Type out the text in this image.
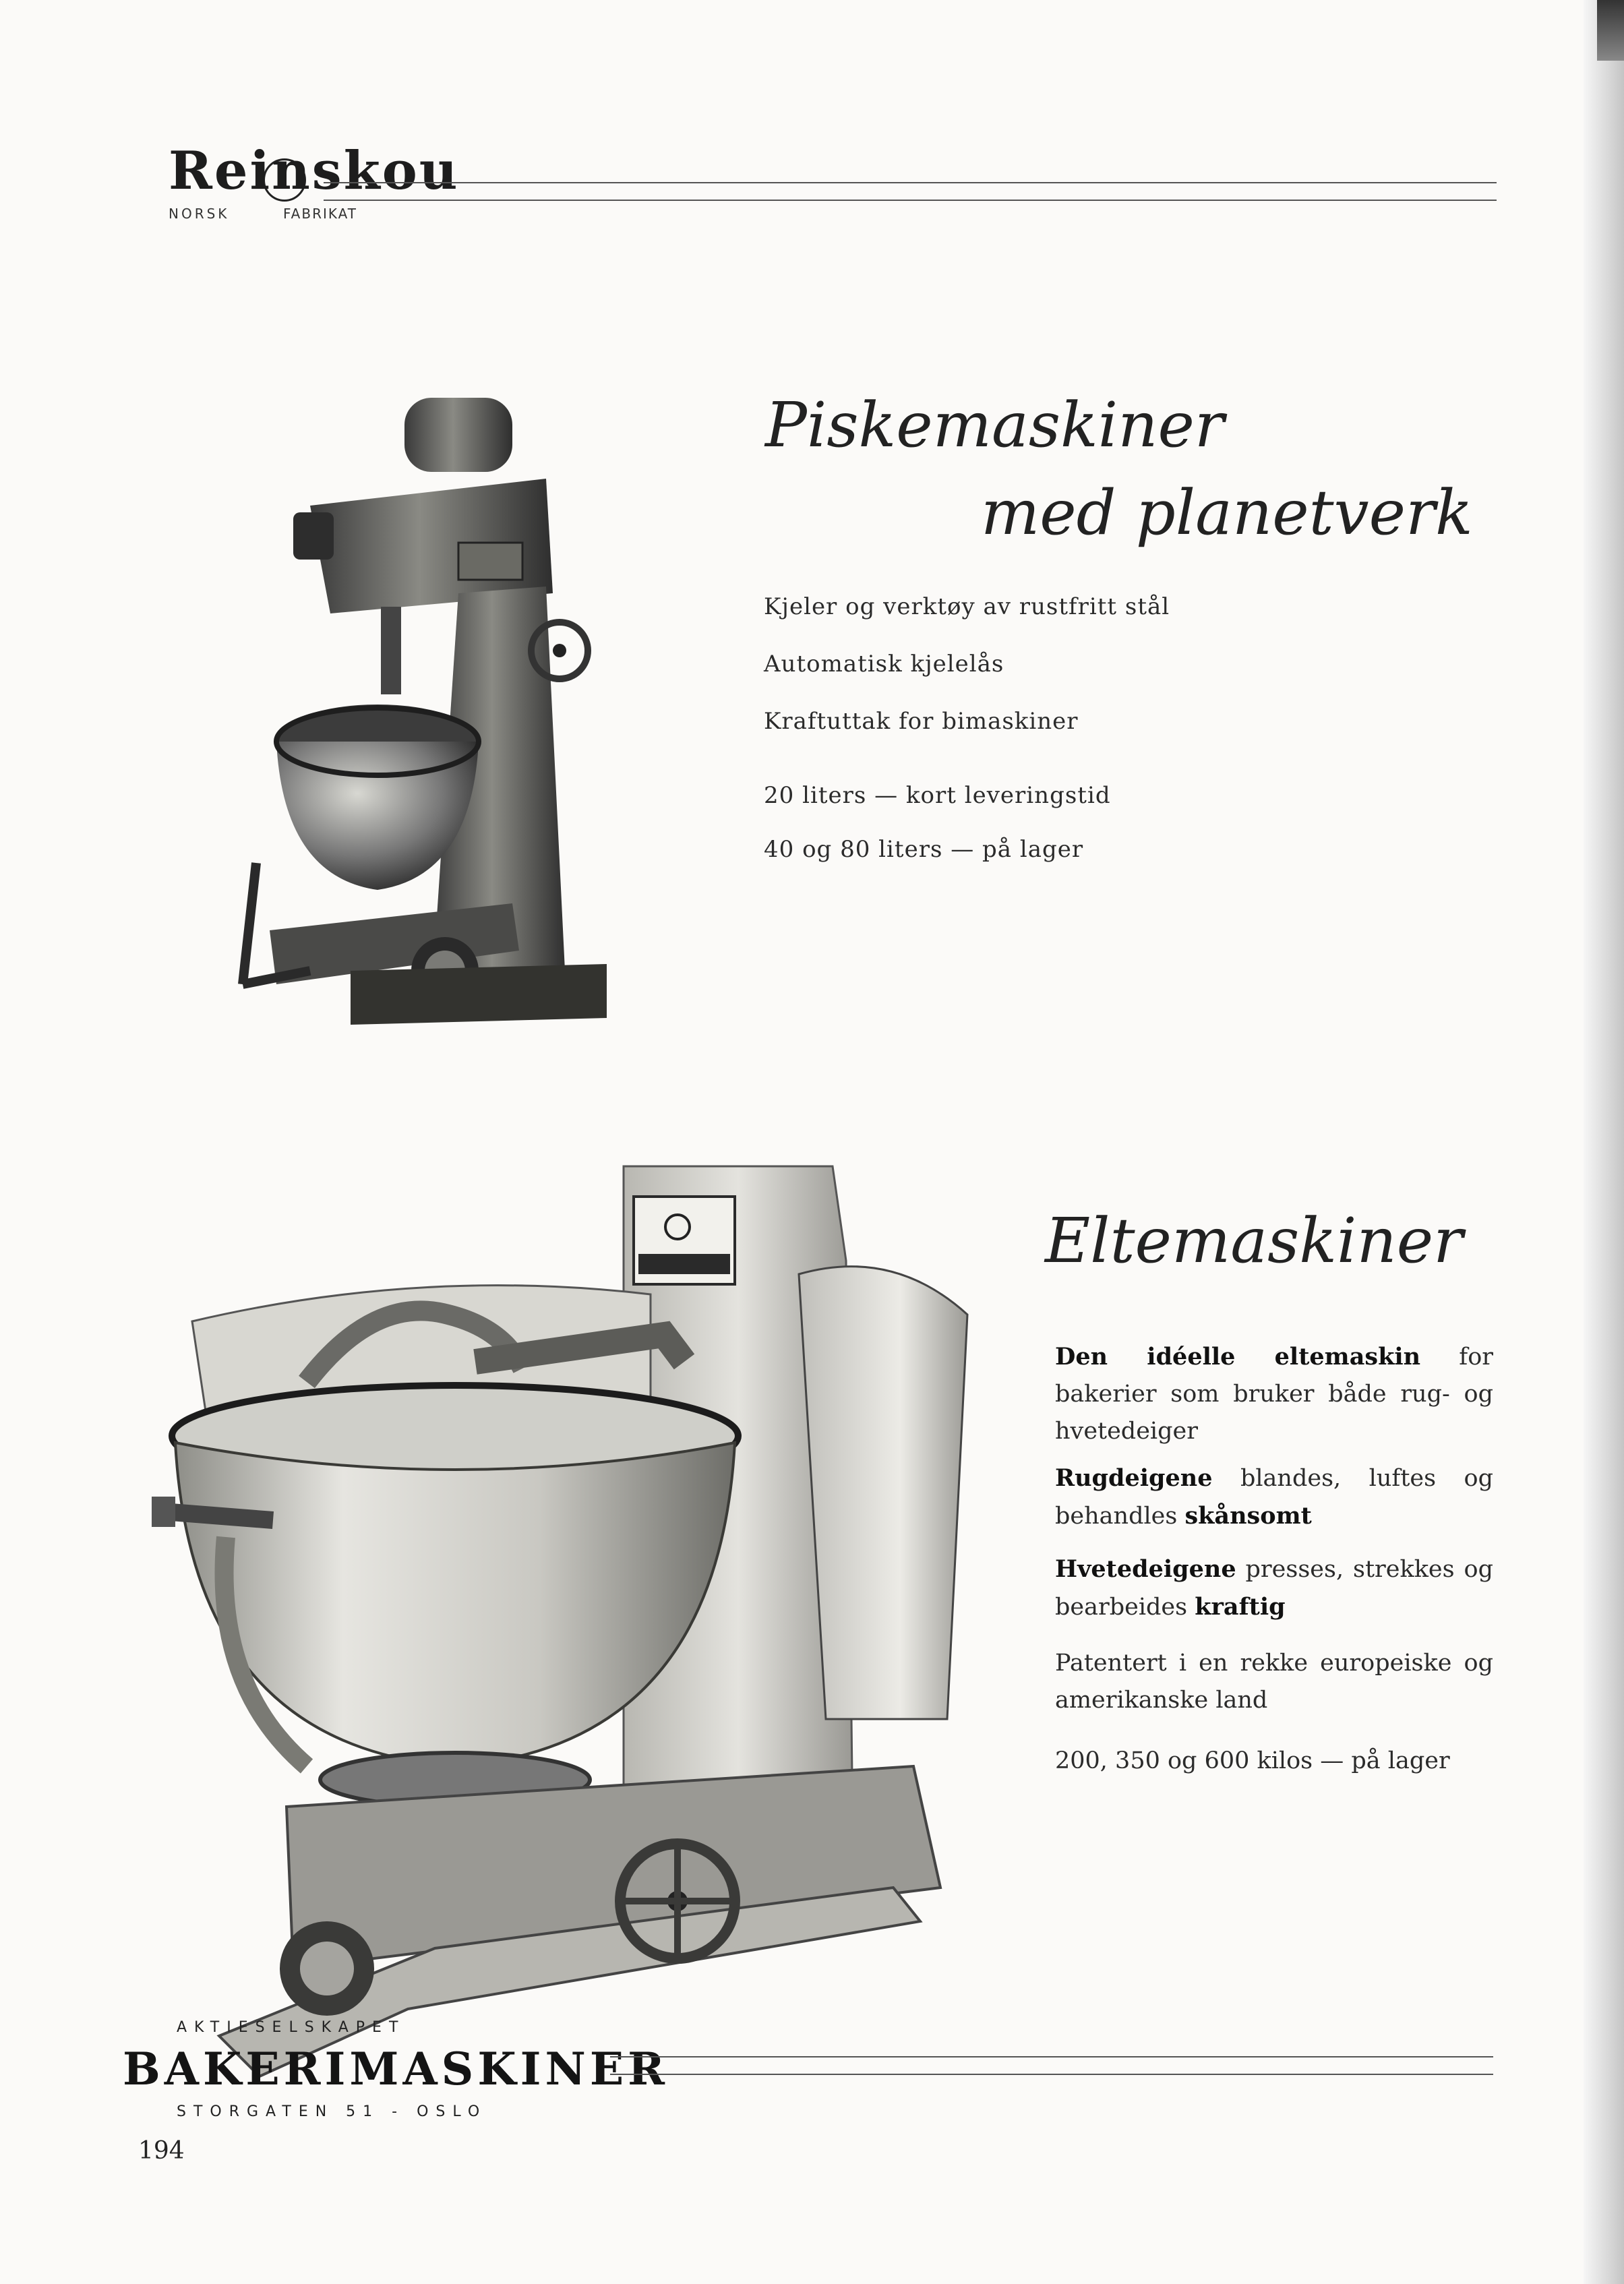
Reinskou
NORSK	FABRIKAT
Piskemaskiner
med planetverk
Kjeler og verktøy av rustfritt stål
Automatisk kjelelås
Kraftuttak for bimaskiner
20 liters — kort leveringstid
40 og 80 liters — på lager
Eltemaskiner
Den idéelle eltemaskin for bakerier som bruker både rug- og hvetedeiger
Rugdeigene blandes, luftes og behandles skånsomt
Hvetedeigene presses, strekkes og bearbeides kraftig
Patentert i en rekke europeiske og amerikanske land
200, 350 og 600 kilos — på lager
AKTIESELSKAPET
BAKERIMASKINER
STORGATEN 51 - OSLO
194
